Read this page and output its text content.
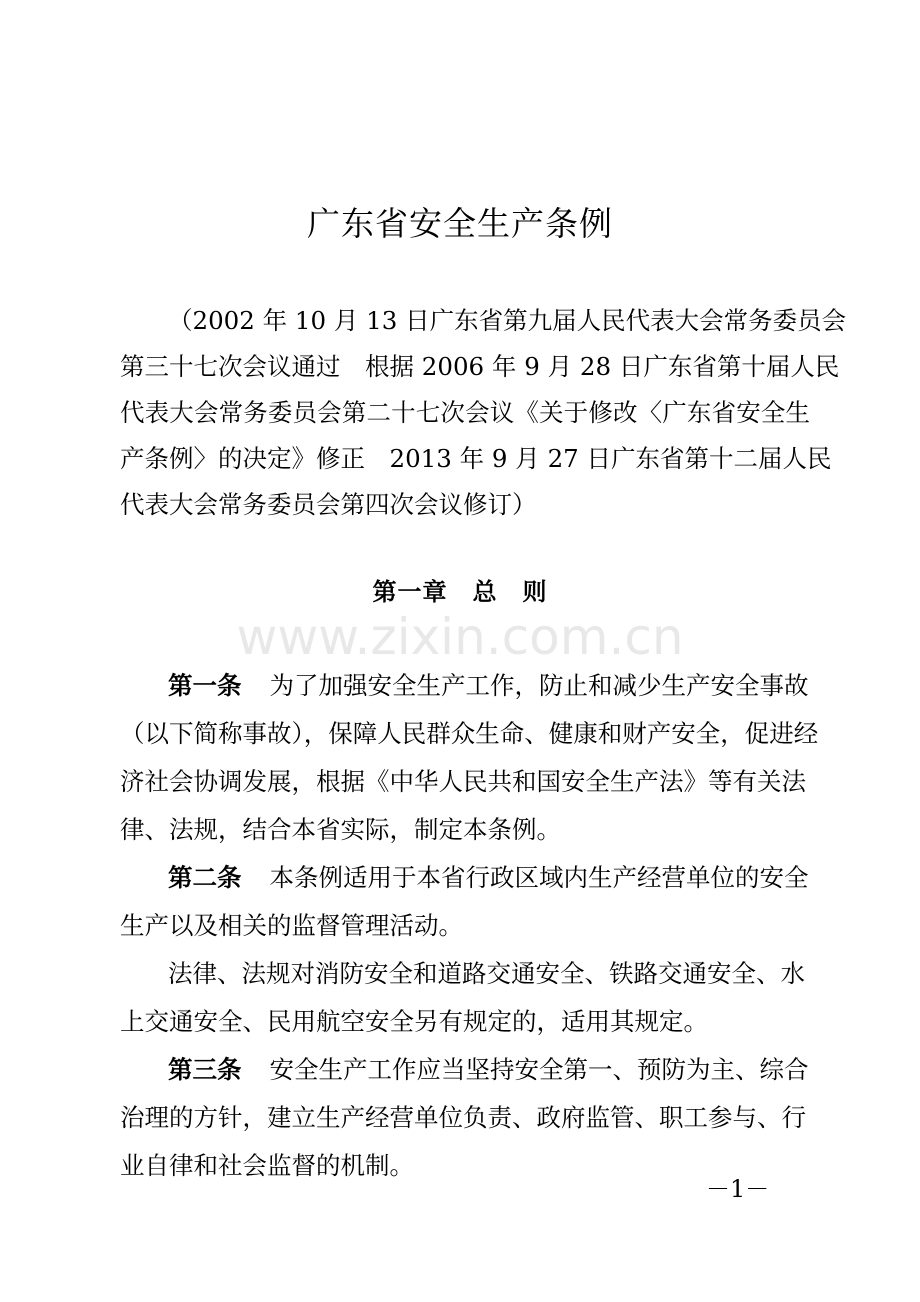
广东省安全生产条例
（2002 年 10 月 13 日广东省第九届人民代表大会常务委员会
第三十七次会议通过　根据 2006 年 9 月 28 日广东省第十届人民
代表大会常务委员会第二十七次会议《关于修改〈广东省安全生
产条例〉的决定》修正　2013 年 9 月 27 日广东省第十二届人民
代表大会常务委员会第四次会议修订）
第一章　总　则
www.zixin.com.cn
第一条 为了加强安全生产工作，防止和减少生产安全事故
（以下简称事故），保障人民群众生命、健康和财产安全，促进经
济社会协调发展，根据《中华人民共和国安全生产法》等有关法
律、法规，结合本省实际，制定本条例。
第二条 本条例适用于本省行政区域内生产经营单位的安全
生产以及相关的监督管理活动。
法律、法规对消防安全和道路交通安全、铁路交通安全、水
上交通安全、民用航空安全另有规定的，适用其规定。
第三条 安全生产工作应当坚持安全第一、预防为主、综合
治理的方针，建立生产经营单位负责、政府监管、职工参与、行
业自律和社会监督的机制。
－1－
